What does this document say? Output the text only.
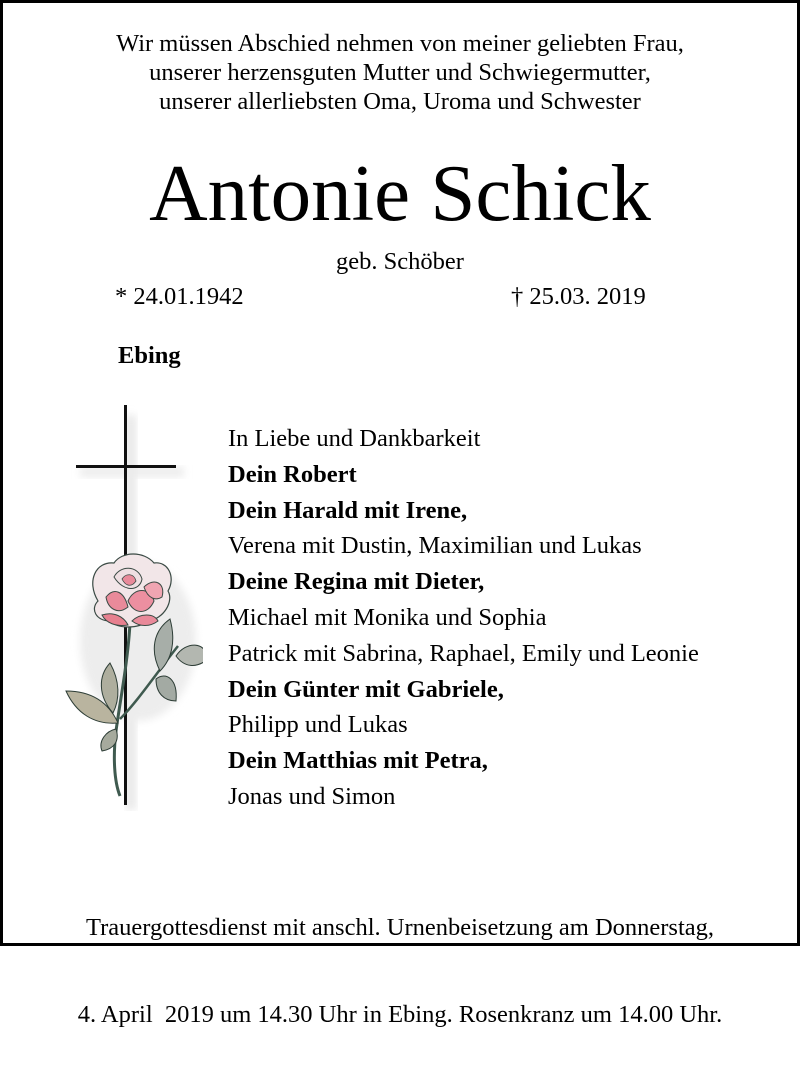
Wir müssen Abschied nehmen von meiner geliebten Frau,
unserer herzensguten Mutter und Schwiegermutter,
unserer allerliebsten Oma, Uroma und Schwester
Antonie Schick
geb. Schöber
* 24.01.1942	† 25.03. 2019
Ebing
In Liebe und Dankbarkeit
Dein Robert
Dein Harald mit Irene,
Verena mit Dustin, Maximilian und Lukas
Deine Regina mit Dieter,
Michael mit Monika und Sophia
Patrick mit Sabrina, Raphael, Emily und Leonie
Dein Günter mit Gabriele,
Philipp und Lukas
Dein Matthias mit Petra,
Jonas und Simon

Trauergottesdienst mit anschl. Urnenbeisetzung am Donnerstag,

4. April  2019 um 14.30 Uhr in Ebing. Rosenkranz um 14.00 Uhr.
